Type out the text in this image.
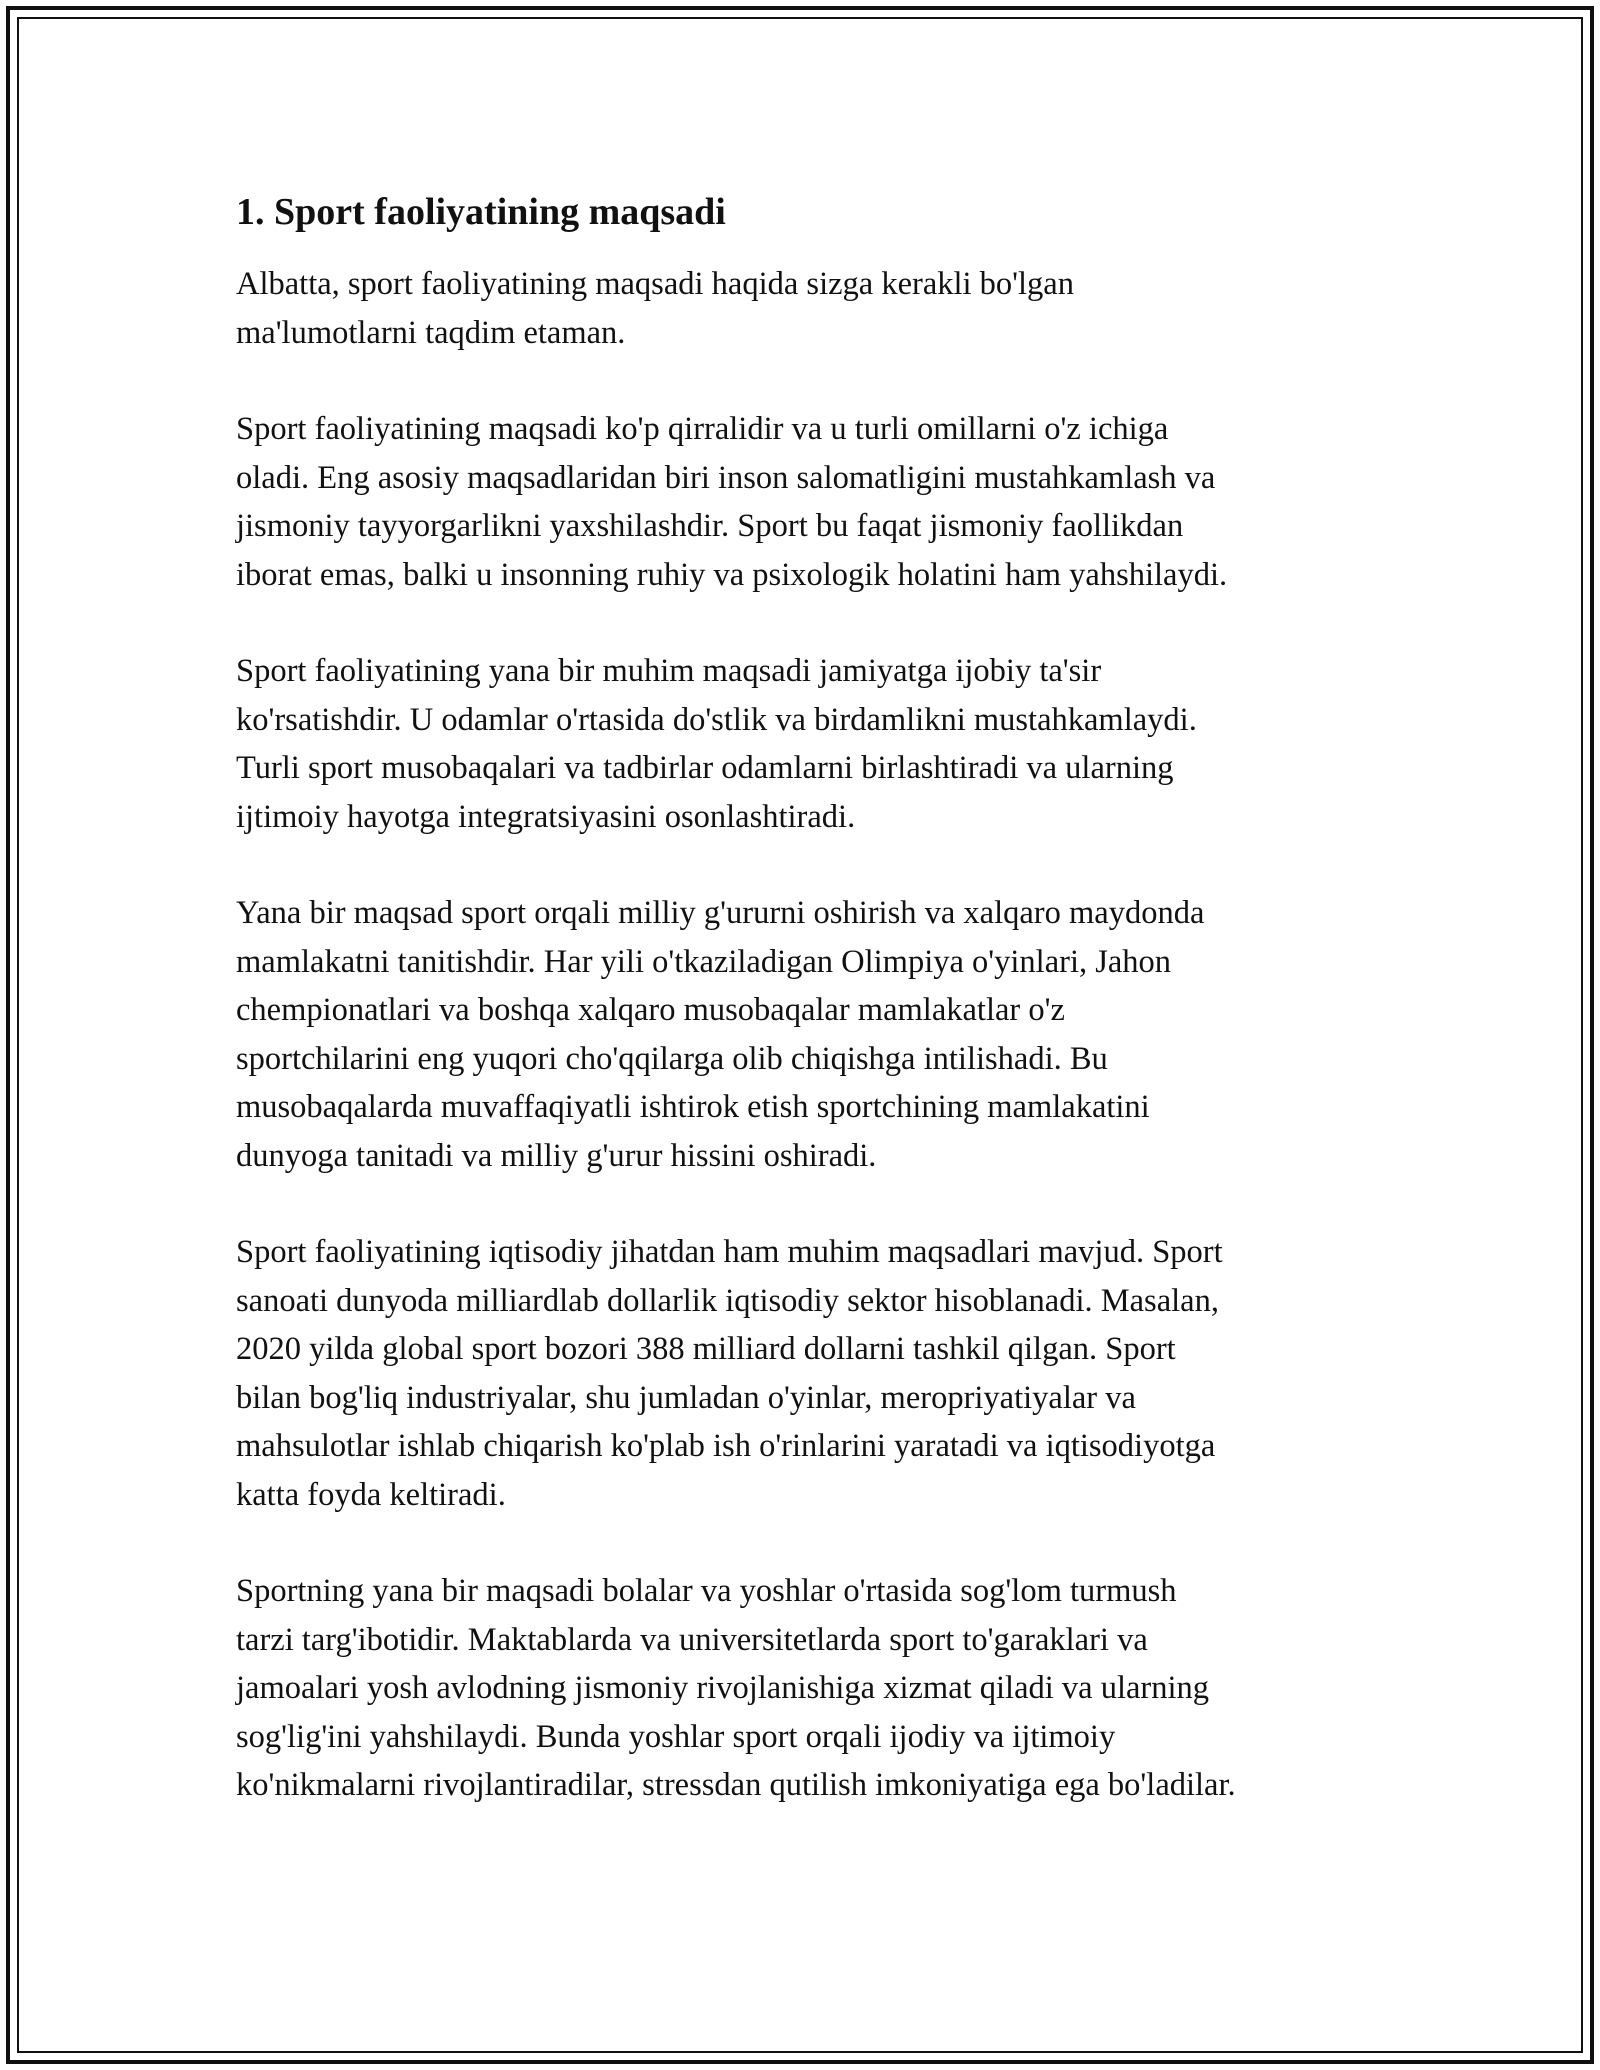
1. Sport faoliyatining maqsadi

Albatta, sport faoliyatining maqsadi haqida sizga kerakli bo'lgan
ma'lumotlarni taqdim etaman.

Sport faoliyatining maqsadi ko'p qirralidir va u turli omillarni o'z ichiga
oladi. Eng asosiy maqsadlaridan biri inson salomatligini mustahkamlash va
jismoniy tayyorgarlikni yaxshilashdir. Sport bu faqat jismoniy faollikdan
iborat emas, balki u insonning ruhiy va psixologik holatini ham yahshilaydi.

Sport faoliyatining yana bir muhim maqsadi jamiyatga ijobiy ta'sir
ko'rsatishdir. U odamlar o'rtasida do'stlik va birdamlikni mustahkamlaydi.
Turli sport musobaqalari va tadbirlar odamlarni birlashtiradi va ularning
ijtimoiy hayotga integratsiyasini osonlashtiradi.

Yana bir maqsad sport orqali milliy g'ururni oshirish va xalqaro maydonda
mamlakatni tanitishdir. Har yili o'tkaziladigan Olimpiya o'yinlari, Jahon
chempionatlari va boshqa xalqaro musobaqalar mamlakatlar o'z
sportchilarini eng yuqori cho'qqilarga olib chiqishga intilishadi. Bu
musobaqalarda muvaffaqiyatli ishtirok etish sportchining mamlakatini
dunyoga tanitadi va milliy g'urur hissini oshiradi.

Sport faoliyatining iqtisodiy jihatdan ham muhim maqsadlari mavjud. Sport
sanoati dunyoda milliardlab dollarlik iqtisodiy sektor hisoblanadi. Masalan,
2020 yilda global sport bozori 388 milliard dollarni tashkil qilgan. Sport
bilan bog'liq industriyalar, shu jumladan o'yinlar, meropriyatiyalar va
mahsulotlar ishlab chiqarish ko'plab ish o'rinlarini yaratadi va iqtisodiyotga
katta foyda keltiradi.

Sportning yana bir maqsadi bolalar va yoshlar o'rtasida sog'lom turmush
tarzi targ'ibotidir. Maktablarda va universitetlarda sport to'garaklari va
jamoalari yosh avlodning jismoniy rivojlanishiga xizmat qiladi va ularning
sog'lig'ini yahshilaydi. Bunda yoshlar sport orqali ijodiy va ijtimoiy
ko'nikmalarni rivojlantiradilar, stressdan qutilish imkoniyatiga ega bo'ladilar.
